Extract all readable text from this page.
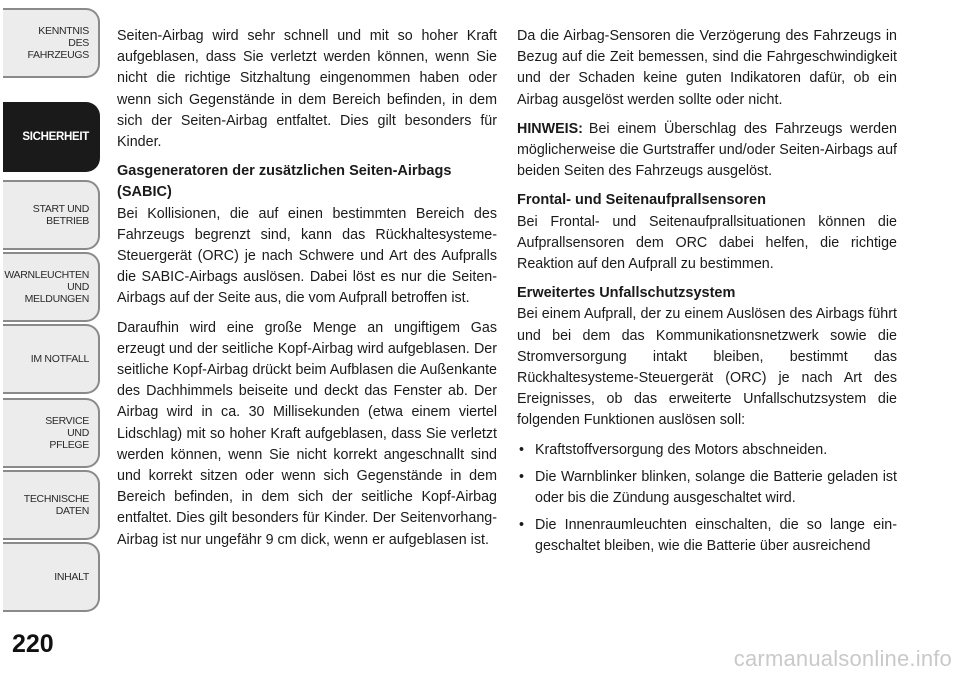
KENNTNIS
DES
FAHRZEUGS
SICHERHEIT
START UND
BETRIEB
WARNLEUCHTEN
UND
MELDUNGEN
IM NOTFALL
SERVICE
UND
PFLEGE
TECHNISCHE
DATEN
INHALT
220

Seiten-Airbag wird sehr schnell und mit so hoher Kraft aufgeblasen, dass Sie verletzt werden können, wenn Sie nicht die richtige Sitzhaltung eingenommen haben oder wenn sich Gegenstände in dem Bereich befinden, in dem sich der Seiten-Airbag entfaltet. Dies gilt besonders für Kinder.

Gasgeneratoren der zusätzlichen Seiten-Airbags (SABIC)

Bei Kollisionen, die auf einen bestimmten Bereich des Fahrzeugs begrenzt sind, kann das Rückhaltesysteme-Steuergerät (ORC) je nach Schwere und Art des Aufpralls die SABIC-Airbags auslösen. Dabei löst es nur die Seiten-Airbags auf der Seite aus, die vom Aufprall betroffen ist.

Daraufhin wird eine große Menge an ungiftigem Gas erzeugt und der seitliche Kopf-Airbag wird aufgeblasen. Der seitliche Kopf-Airbag drückt beim Aufblasen die Außenkante des Dachhimmels beiseite und deckt das Fenster ab. Der Airbag wird in ca. 30 Millisekunden (etwa einem viertel Lidschlag) mit so hoher Kraft aufgeblasen, dass Sie verletzt werden können, wenn Sie nicht korrekt angeschnallt sind und korrekt sitzen oder wenn sich Gegenstände in dem Bereich befinden, in dem sich der seitliche Kopf-Airbag entfaltet. Dies gilt besonders für Kinder. Der Seitenvorhang-Airbag ist nur ungefähr 9 cm dick, wenn er aufgeblasen ist.

Da die Airbag-Sensoren die Verzögerung des Fahrzeugs in Bezug auf die Zeit bemessen, sind die Fahrgeschwindigkeit und der Schaden keine guten Indikatoren dafür, ob ein Airbag ausgelöst werden sollte oder nicht.

HINWEIS: Bei einem Überschlag des Fahrzeugs werden möglicherweise die Gurtstraffer und/oder Seiten-Airbags auf beiden Seiten des Fahrzeugs ausgelöst.

Frontal- und Seitenaufprallsensoren

Bei Frontal- und Seitenaufprallsituationen können die Aufprallsensoren dem ORC dabei helfen, die richtige Reaktion auf den Aufprall zu bestimmen.

Erweitertes Unfallschutzsystem

Bei einem Aufprall, der zu einem Auslösen des Airbags führt und bei dem das Kommunikationsnetzwerk sowie die Stromversorgung intakt bleiben, bestimmt das Rückhaltesysteme-Steuergerät (ORC) je nach Art des Ereignisses, ob das erweiterte Unfallschutzsystem die folgenden Funktionen auslösen soll:

• Kraftstoffversorgung des Motors abschneiden.
• Die Warnblinker blinken, solange die Batterie geladen ist oder bis die Zündung ausgeschaltet wird.
• Die Innenraumleuchten einschalten, die so lange eingeschaltet bleiben, wie die Batterie über ausreichend
carmanualsonline.info
